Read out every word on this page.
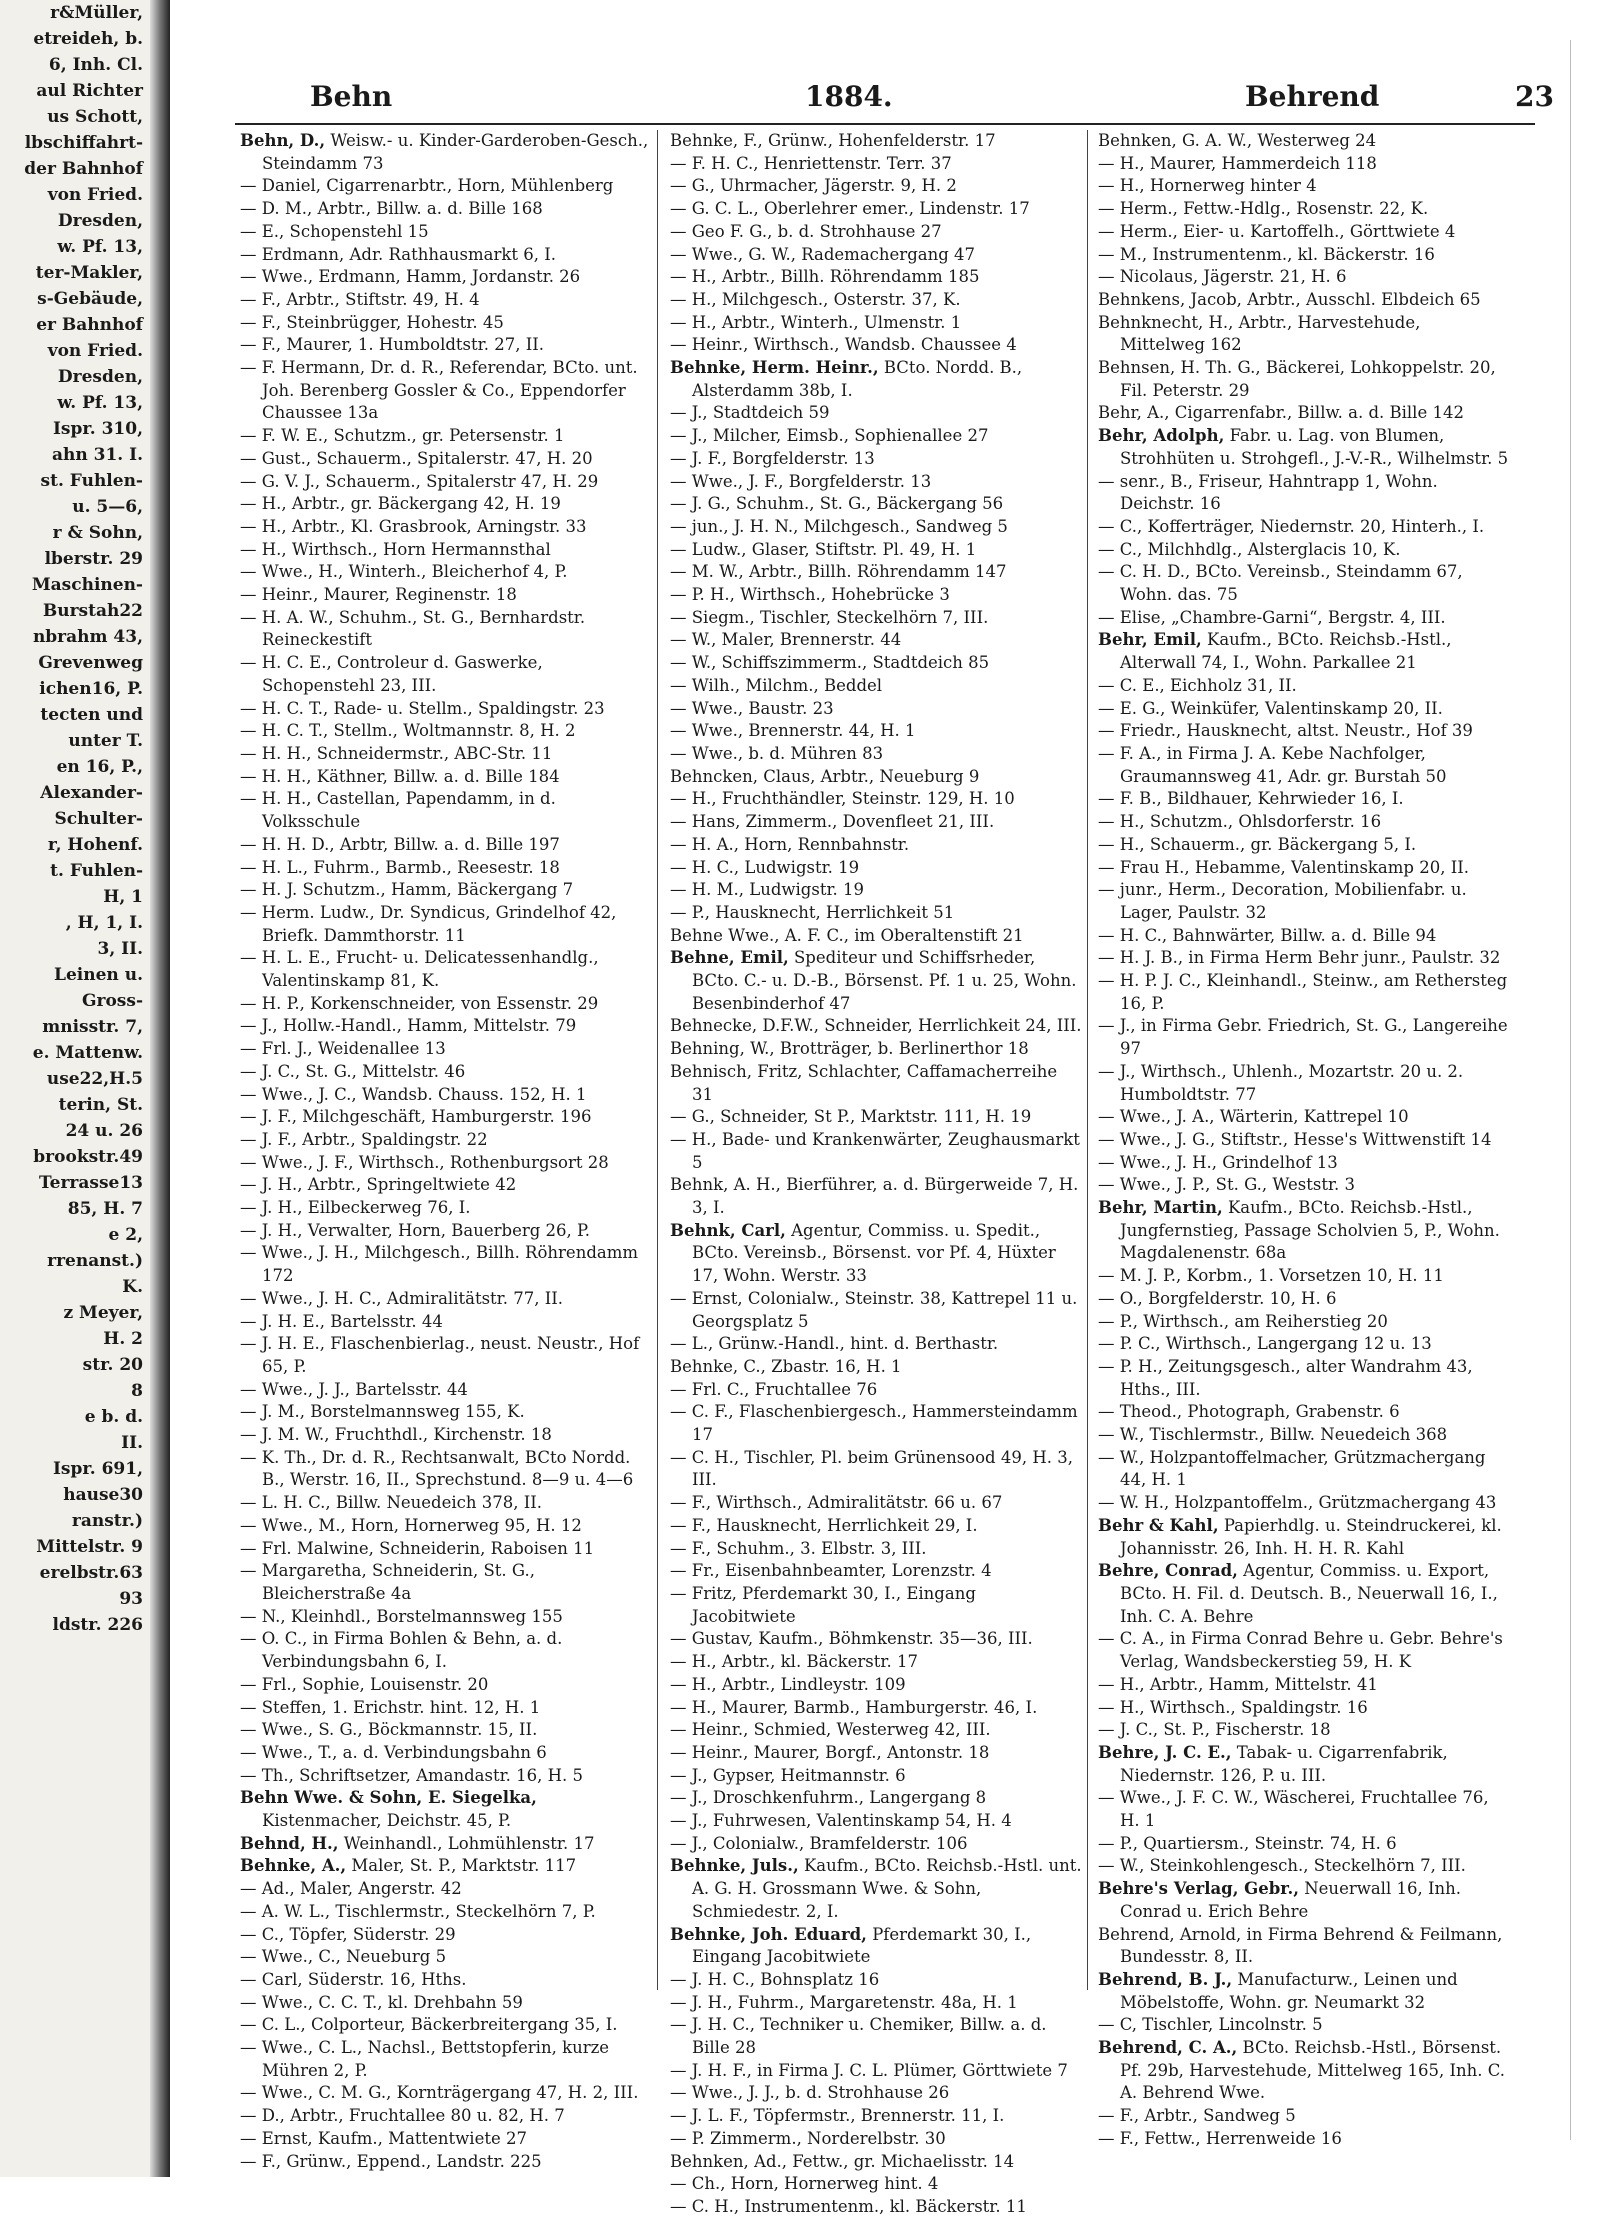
r&Müller,
etreideh, b.
6, Inh. Cl.
aul Richter
us Schott,
lbschiffahrt-
der Bahnhof
von Fried.
Dresden,
w. Pf. 13,
ter-Makler,
s-Gebäude,
er Bahnhof
von Fried.
Dresden,
w. Pf. 13,
Ispr. 310,
ahn 31. I.
st. Fuhlen-
u. 5—6,
r & Sohn,
lberstr. 29
Maschinen-
Burstah22
nbrahm 43,
Grevenweg
ichen16, P.
tecten und
unter T.
en 16, P.,
Alexander-
Schulter-
r, Hohenf.
t. Fuhlen-
H, 1
, H, 1, I.
3, II.
Leinen u.
Gross-
mnisstr. 7,
e. Mattenw.
use22,H.5
terin, St.
24 u. 26
brookstr.49
Terrasse13
85, H. 7
e 2,
rrenanst.)
K.
z Meyer,
H. 2
str. 20
8
e b. d.
II.
Ispr. 691,
hause30
ranstr.)
Mittelstr. 9
erelbstr.63
93
ldstr. 226
Behn	1884.	Behrend	23

Behn, D., Weisw.- u. Kinder-Garderoben-Gesch., Steindamm 73

— Daniel, Cigarrenarbtr., Horn, Mühlenberg

— D. M., Arbtr., Billw. a. d. Bille 168

— E., Schopenstehl 15

— Erdmann, Adr. Rathhausmarkt 6, I.

— Wwe., Erdmann, Hamm, Jordanstr. 26

— F., Arbtr., Stiftstr. 49, H. 4

— F., Steinbrügger, Hohestr. 45

— F., Maurer, 1. Humboldtstr. 27, II.

— F. Hermann, Dr. d. R., Referendar, BCto. unt. Joh. Berenberg Gossler & Co., Eppendorfer Chaussee 13a

— F. W. E., Schutzm., gr. Petersenstr. 1

— Gust., Schauerm., Spitalerstr. 47, H. 20

— G. V. J., Schauerm., Spitalerstr 47, H. 29

— H., Arbtr., gr. Bäckergang 42, H. 19

— H., Arbtr., Kl. Grasbrook, Arningstr. 33

— H., Wirthsch., Horn Hermannsthal

— Wwe., H., Winterh., Bleicherhof 4, P.

— Heinr., Maurer, Reginenstr. 18

— H. A. W., Schuhm., St. G., Bernhardstr. Reineckestift

— H. C. E., Controleur d. Gaswerke, Schopenstehl 23, III.

— H. C. T., Rade- u. Stellm., Spaldingstr. 23

— H. C. T., Stellm., Woltmannstr. 8, H. 2

— H. H., Schneidermstr., ABC-Str. 11

— H. H., Käthner, Billw. a. d. Bille 184

— H. H., Castellan, Papendamm, in d. Volksschule

— H. H. D., Arbtr, Billw. a. d. Bille 197

— H. L., Fuhrm., Barmb., Reesestr. 18

— H. J. Schutzm., Hamm, Bäckergang 7

— Herm. Ludw., Dr. Syndicus, Grindelhof 42, Briefk. Dammthorstr. 11

— H. L. E., Frucht- u. Delicatessenhandlg., Valentinskamp 81, K.

— H. P., Korkenschneider, von Essenstr. 29

— J., Hollw.-Handl., Hamm, Mittelstr. 79

— Frl. J., Weidenallee 13

— J. C., St. G., Mittelstr. 46

— Wwe., J. C., Wandsb. Chauss. 152, H. 1

— J. F., Milchgeschäft, Hamburgerstr. 196

— J. F., Arbtr., Spaldingstr. 22

— Wwe., J. F., Wirthsch., Rothenburgsort 28

— J. H., Arbtr., Springeltwiete 42

— J. H., Eilbeckerweg 76, I.

— J. H., Verwalter, Horn, Bauerberg 26, P.

— Wwe., J. H., Milchgesch., Billh. Röhrendamm 172

— Wwe., J. H. C., Admiralitätstr. 77, II.

— J. H. E., Bartelsstr. 44

— J. H. E., Flaschenbierlag., neust. Neustr., Hof 65, P.

— Wwe., J. J., Bartelsstr. 44

— J. M., Borstelmannsweg 155, K.

— J. M. W., Fruchthdl., Kirchenstr. 18

— K. Th., Dr. d. R., Rechtsanwalt, BCto Nordd. B., Werstr. 16, II., Sprechstund. 8—9 u. 4—6

— L. H. C., Billw. Neuedeich 378, II.

— Wwe., M., Horn, Hornerweg 95, H. 12

— Frl. Malwine, Schneiderin, Raboisen 11

— Margaretha, Schneiderin, St. G., Bleicherstraße 4a

— N., Kleinhdl., Borstelmannsweg 155

— O. C., in Firma Bohlen & Behn, a. d. Verbindungsbahn 6, I.

— Frl., Sophie, Louisenstr. 20

— Steffen, 1. Erichstr. hint. 12, H. 1

— Wwe., S. G., Böckmannstr. 15, II.

— Wwe., T., a. d. Verbindungsbahn 6

— Th., Schriftsetzer, Amandastr. 16, H. 5

Behn Wwe. & Sohn, E. Siegelka, Kistenmacher, Deichstr. 45, P.

Behnd, H., Weinhandl., Lohmühlenstr. 17

Behnke, A., Maler, St. P., Marktstr. 117

— Ad., Maler, Angerstr. 42

— A. W. L., Tischlermstr., Steckelhörn 7, P.

— C., Töpfer, Süderstr. 29

— Wwe., C., Neueburg 5

— Carl, Süderstr. 16, Hths.

— Wwe., C. C. T., kl. Drehbahn 59

— C. L., Colporteur, Bäckerbreitergang 35, I.

— Wwe., C. L., Nachsl., Bettstopferin, kurze Mühren 2, P.

— Wwe., C. M. G., Kornträgergang 47, H. 2, III.

— D., Arbtr., Fruchtallee 80 u. 82, H. 7

— Ernst, Kaufm., Mattentwiete 27

— F., Grünw., Eppend., Landstr. 225

Behnke, F., Grünw., Hohenfelderstr. 17

— F. H. C., Henriettenstr. Terr. 37

— G., Uhrmacher, Jägerstr. 9, H. 2

— G. C. L., Oberlehrer emer., Lindenstr. 17

— Geo F. G., b. d. Strohhause 27

— Wwe., G. W., Rademachergang 47

— H., Arbtr., Billh. Röhrendamm 185

— H., Milchgesch., Osterstr. 37, K.

— H., Arbtr., Winterh., Ulmenstr. 1

— Heinr., Wirthsch., Wandsb. Chaussee 4

Behnke, Herm. Heinr., BCto. Nordd. B., Alsterdamm 38b, I.

— J., Stadtdeich 59

— J., Milcher, Eimsb., Sophienallee 27

— J. F., Borgfelderstr. 13

— Wwe., J. F., Borgfelderstr. 13

— J. G., Schuhm., St. G., Bäckergang 56

— jun., J. H. N., Milchgesch., Sandweg 5

— Ludw., Glaser, Stiftstr. Pl. 49, H. 1

— M. W., Arbtr., Billh. Röhrendamm 147

— P. H., Wirthsch., Hohebrücke 3

— Siegm., Tischler, Steckelhörn 7, III.

— W., Maler, Brennerstr. 44

— W., Schiffszimmerm., Stadtdeich 85

— Wilh., Milchm., Beddel

— Wwe., Baustr. 23

— Wwe., Brennerstr. 44, H. 1

— Wwe., b. d. Mühren 83

Behncken, Claus, Arbtr., Neueburg 9

— H., Fruchthändler, Steinstr. 129, H. 10

— Hans, Zimmerm., Dovenfleet 21, III.

— H. A., Horn, Rennbahnstr.

— H. C., Ludwigstr. 19

— H. M., Ludwigstr. 19

— P., Hausknecht, Herrlichkeit 51

Behne Wwe., A. F. C., im Oberaltenstift 21

Behne, Emil, Spediteur und Schiffsrheder, BCto. C.- u. D.-B., Börsenst. Pf. 1 u. 25, Wohn. Besenbinderhof 47

Behnecke, D.F.W., Schneider, Herrlichkeit 24, III.

Behning, W., Brotträger, b. Berlinerthor 18

Behnisch, Fritz, Schlachter, Caffamacherreihe 31

— G., Schneider, St P., Marktstr. 111, H. 19

— H., Bade- und Krankenwärter, Zeughausmarkt 5

Behnk, A. H., Bierführer, a. d. Bürgerweide 7, H. 3, I.

Behnk, Carl, Agentur, Commiss. u. Spedit., BCto. Vereinsb., Börsenst. vor Pf. 4, Hüxter 17, Wohn. Werstr. 33

— Ernst, Colonialw., Steinstr. 38, Kattrepel 11 u. Georgsplatz 5

— L., Grünw.-Handl., hint. d. Berthastr.

Behnke, C., Zbastr. 16, H. 1

— Frl. C., Fruchtallee 76

— C. F., Flaschenbiergesch., Hammersteindamm 17

— C. H., Tischler, Pl. beim Grünensood 49, H. 3, III.

— F., Wirthsch., Admiralitätstr. 66 u. 67

— F., Hausknecht, Herrlichkeit 29, I.

— F., Schuhm., 3. Elbstr. 3, III.

— Fr., Eisenbahnbeamter, Lorenzstr. 4

— Fritz, Pferdemarkt 30, I., Eingang Jacobitwiete

— Gustav, Kaufm., Böhmkenstr. 35—36, III.

— H., Arbtr., kl. Bäckerstr. 17

— H., Arbtr., Lindleystr. 109

— H., Maurer, Barmb., Hamburgerstr. 46, I.

— Heinr., Schmied, Westerweg 42, III.

— Heinr., Maurer, Borgf., Antonstr. 18

— J., Gypser, Heitmannstr. 6

— J., Droschkenfuhrm., Langergang 8

— J., Fuhrwesen, Valentinskamp 54, H. 4

— J., Colonialw., Bramfelderstr. 106

Behnke, Juls., Kaufm., BCto. Reichsb.-Hstl. unt. A. G. H. Grossmann Wwe. & Sohn, Schmiedestr. 2, I.

Behnke, Joh. Eduard, Pferdemarkt 30, I., Eingang Jacobitwiete

— J. H. C., Bohnsplatz 16

— J. H., Fuhrm., Margaretenstr. 48a, H. 1

— J. H. C., Techniker u. Chemiker, Billw. a. d. Bille 28

— J. H. F., in Firma J. C. L. Plümer, Görttwiete 7

— Wwe., J. J., b. d. Strohhause 26

— J. L. F., Töpfermstr., Brennerstr. 11, I.

— P. Zimmerm., Norderelbstr. 30

Behnken, Ad., Fettw., gr. Michaelisstr. 14

— Ch., Horn, Hornerweg hint. 4

— C. H., Instrumentenm., kl. Bäckerstr. 11

Behnken, G. A. W., Westerweg 24

— H., Maurer, Hammerdeich 118

— H., Hornerweg hinter 4

— Herm., Fettw.-Hdlg., Rosenstr. 22, K.

— Herm., Eier- u. Kartoffelh., Görttwiete 4

— M., Instrumentenm., kl. Bäckerstr. 16

— Nicolaus, Jägerstr. 21, H. 6

Behnkens, Jacob, Arbtr., Ausschl. Elbdeich 65

Behnknecht, H., Arbtr., Harvestehude, Mittelweg 162

Behnsen, H. Th. G., Bäckerei, Lohkoppelstr. 20, Fil. Peterstr. 29

Behr, A., Cigarrenfabr., Billw. a. d. Bille 142

Behr, Adolph, Fabr. u. Lag. von Blumen, Strohhüten u. Strohgefl., J.-V.-R., Wilhelmstr. 5

— senr., B., Friseur, Hahntrapp 1, Wohn. Deichstr. 16

— C., Kofferträger, Niedernstr. 20, Hinterh., I.

— C., Milchhdlg., Alsterglacis 10, K.

— C. H. D., BCto. Vereinsb., Steindamm 67, Wohn. das. 75

— Elise, „Chambre-Garni“, Bergstr. 4, III.

Behr, Emil, Kaufm., BCto. Reichsb.-Hstl., Alterwall 74, I., Wohn. Parkallee 21

— C. E., Eichholz 31, II.

— E. G., Weinküfer, Valentinskamp 20, II.

— Friedr., Hausknecht, altst. Neustr., Hof 39

— F. A., in Firma J. A. Kebe Nachfolger, Graumannsweg 41, Adr. gr. Burstah 50

— F. B., Bildhauer, Kehrwieder 16, I.

— H., Schutzm., Ohlsdorferstr. 16

— H., Schauerm., gr. Bäckergang 5, I.

— Frau H., Hebamme, Valentinskamp 20, II.

— junr., Herm., Decoration, Mobilienfabr. u. Lager, Paulstr. 32

— H. C., Bahnwärter, Billw. a. d. Bille 94

— H. J. B., in Firma Herm Behr junr., Paulstr. 32

— H. P. J. C., Kleinhandl., Steinw., am Rethersteg 16, P.

— J., in Firma Gebr. Friedrich, St. G., Langereihe 97

— J., Wirthsch., Uhlenh., Mozartstr. 20 u. 2. Humboldtstr. 77

— Wwe., J. A., Wärterin, Kattrepel 10

— Wwe., J. G., Stiftstr., Hesse's Wittwenstift 14

— Wwe., J. H., Grindelhof 13

— Wwe., J. P., St. G., Weststr. 3

Behr, Martin, Kaufm., BCto. Reichsb.-Hstl., Jungfernstieg, Passage Scholvien 5, P., Wohn. Magdalenenstr. 68a

— M. J. P., Korbm., 1. Vorsetzen 10, H. 11

— O., Borgfelderstr. 10, H. 6

— P., Wirthsch., am Reiherstieg 20

— P. C., Wirthsch., Langergang 12 u. 13

— P. H., Zeitungsgesch., alter Wandrahm 43, Hths., III.

— Theod., Photograph, Grabenstr. 6

— W., Tischlermstr., Billw. Neuedeich 368

— W., Holzpantoffelmacher, Grützmachergang 44, H. 1

— W. H., Holzpantoffelm., Grützmachergang 43

Behr & Kahl, Papierhdlg. u. Steindruckerei, kl. Johannisstr. 26, Inh. H. H. R. Kahl

Behre, Conrad, Agentur, Commiss. u. Export, BCto. H. Fil. d. Deutsch. B., Neuerwall 16, I., Inh. C. A. Behre

— C. A., in Firma Conrad Behre u. Gebr. Behre's Verlag, Wandsbeckerstieg 59, H. K

— H., Arbtr., Hamm, Mittelstr. 41

— H., Wirthsch., Spaldingstr. 16

— J. C., St. P., Fischerstr. 18

Behre, J. C. E., Tabak- u. Cigarrenfabrik, Niedernstr. 126, P. u. III.

— Wwe., J. F. C. W., Wäscherei, Fruchtallee 76, H. 1

— P., Quartiersm., Steinstr. 74, H. 6

— W., Steinkohlengesch., Steckelhörn 7, III.

Behre's Verlag, Gebr., Neuerwall 16, Inh. Conrad u. Erich Behre

Behrend, Arnold, in Firma Behrend & Feilmann, Bundesstr. 8, II.

Behrend, B. J., Manufacturw., Leinen und Möbelstoffe, Wohn. gr. Neumarkt 32

— C, Tischler, Lincolnstr. 5

Behrend, C. A., BCto. Reichsb.-Hstl., Börsenst. Pf. 29b, Harvestehude, Mittelweg 165, Inh. C. A. Behrend Wwe.

— F., Arbtr., Sandweg 5

— F., Fettw., Herrenweide 16
